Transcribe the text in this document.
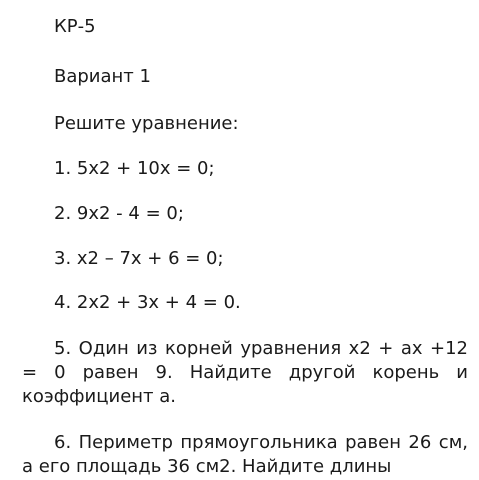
КР-5
Вариант 1
Решите уравнение:
1. 5х2 + 10х = 0;
2. 9х2 - 4 = 0;
3. х2 – 7х + 6 = 0;
4. 2х2 + 3х + 4 = 0.
5. Один из корней уравнения х2 + ах +12 = 0 равен 9. Найдите другой корень и коэффициент а.
6. Периметр прямоугольника равен 26 см, а его площадь 36 см2. Найдите длины
